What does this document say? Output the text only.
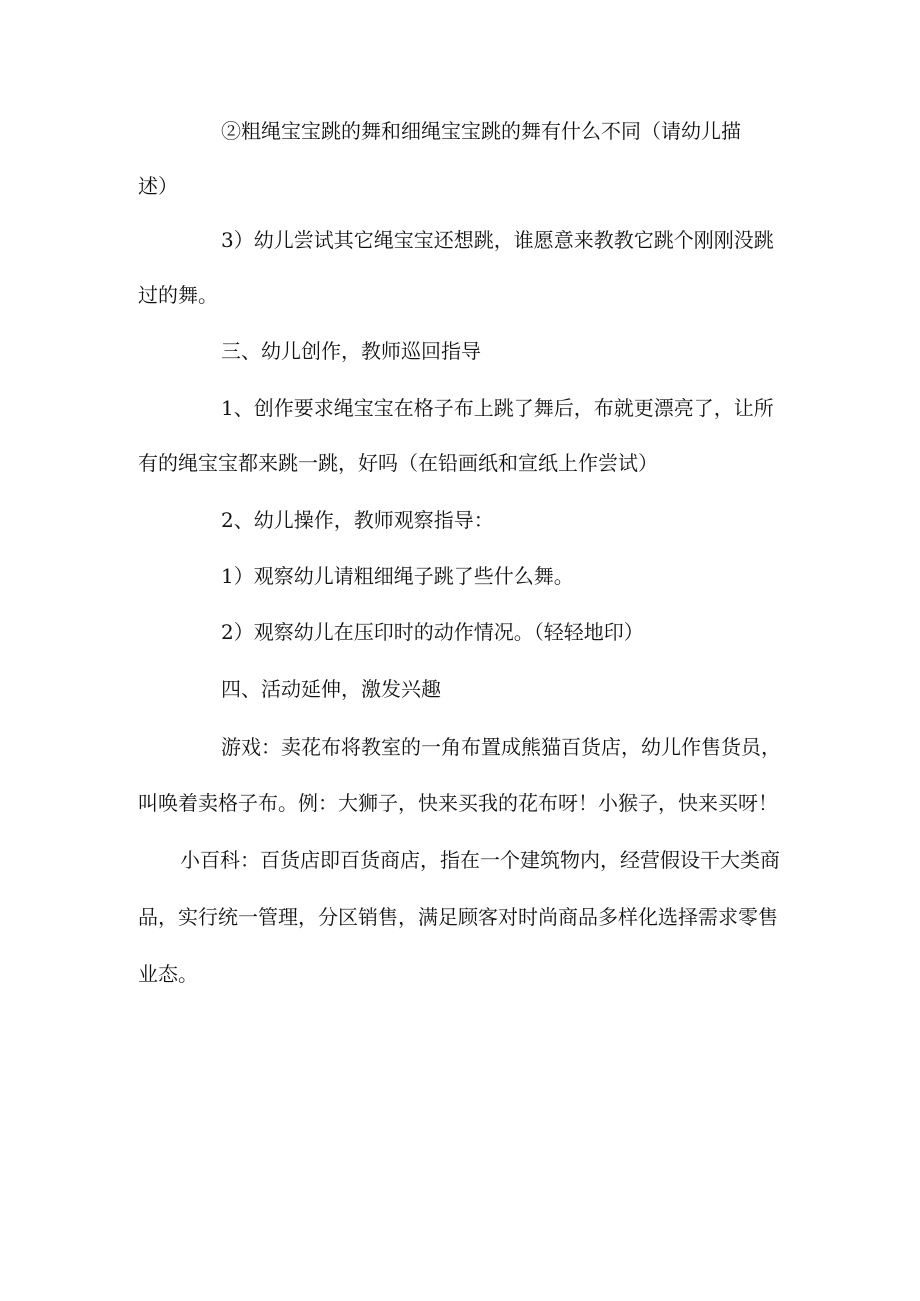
②粗绳宝宝跳的舞和细绳宝宝跳的舞有什么不同（请幼儿描

述）

3）幼儿尝试其它绳宝宝还想跳，谁愿意来教教它跳个刚刚没跳

过的舞。

三、幼儿创作，教师巡回指导

1、创作要求绳宝宝在格子布上跳了舞后，布就更漂亮了，让所

有的绳宝宝都来跳一跳，好吗（在铅画纸和宣纸上作尝试）

2、幼儿操作，教师观察指导：

1）观察幼儿请粗细绳子跳了些什么舞。

2）观察幼儿在压印时的动作情况。（轻轻地印）

四、活动延伸，激发兴趣

游戏：卖花布将教室的一角布置成熊猫百货店，幼儿作售货员，

叫唤着卖格子布。例：大狮子，快来买我的花布呀！小猴子，快来买呀！

小百科：百货店即百货商店，指在一个建筑物内，经营假设干大类商

品，实行统一管理，分区销售，满足顾客对时尚商品多样化选择需求零售

业态。
